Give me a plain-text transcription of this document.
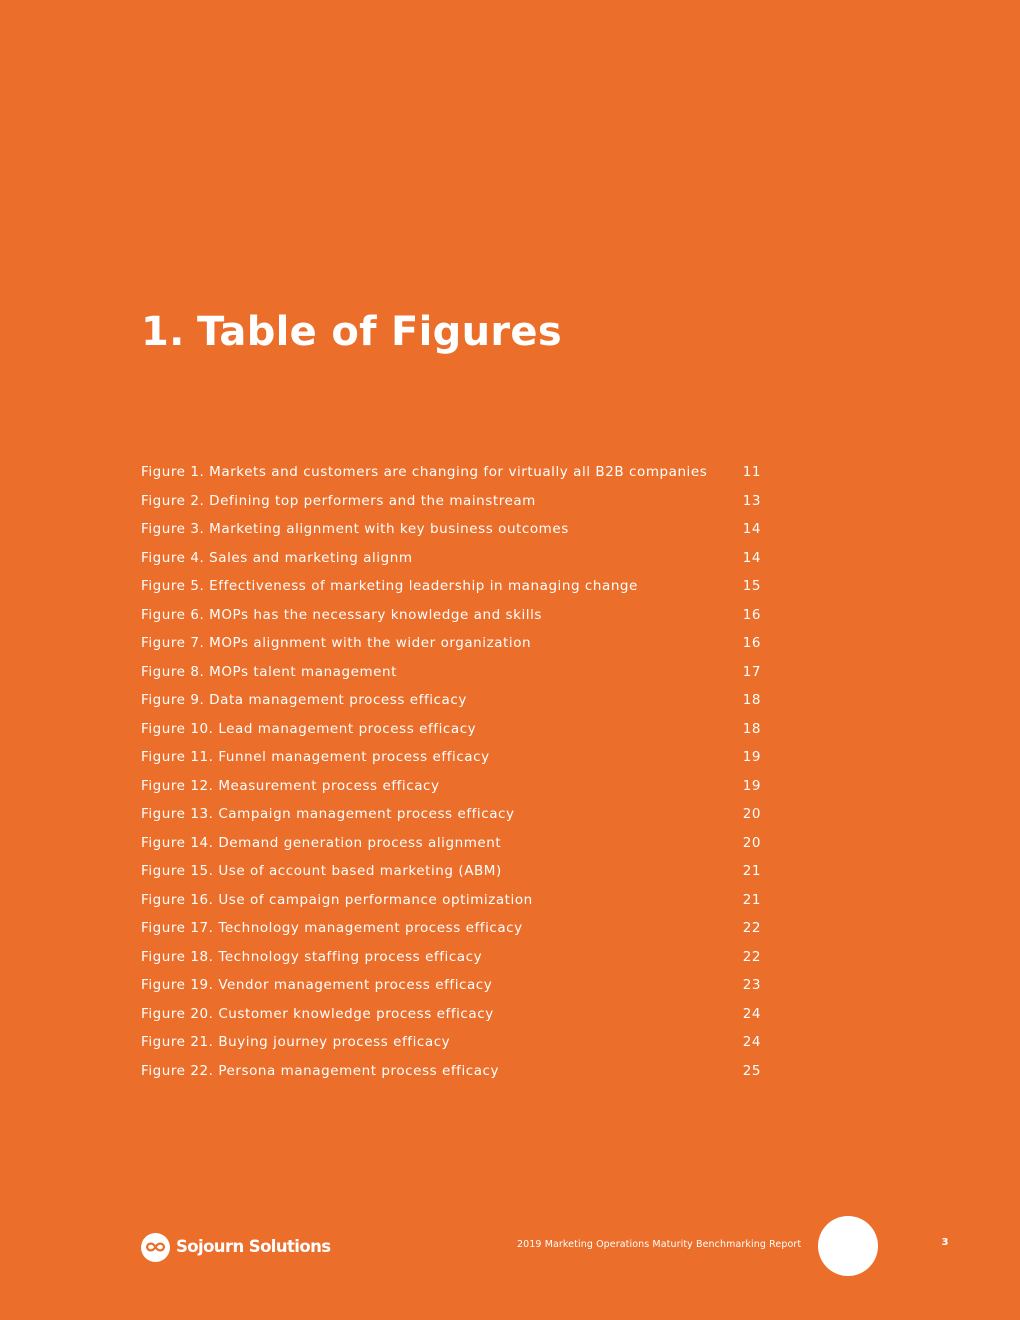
1. Table of Figures
Figure 1. Markets and customers are changing for virtually all B2B companies	11
Figure 2. Defining top performers and the mainstream	13
Figure 3. Marketing alignment with key business outcomes	14
Figure 4. Sales and marketing alignm	14
Figure 5. Effectiveness of marketing leadership in managing change	15
Figure 6. MOPs has the necessary knowledge and skills	16
Figure 7. MOPs alignment with the wider organization	16
Figure 8. MOPs talent management	17
Figure 9. Data management process efficacy	18
Figure 10. Lead management process efficacy	18
Figure 11. Funnel management process efficacy	19
Figure 12. Measurement process efficacy	19
Figure 13. Campaign management process efficacy	20
Figure 14. Demand generation process alignment	20
Figure 15. Use of account based marketing (ABM)	21
Figure 16. Use of campaign performance optimization	21
Figure 17. Technology management process efficacy	22
Figure 18. Technology staffing process efficacy	22
Figure 19. Vendor management process efficacy	23
Figure 20. Customer knowledge process efficacy	24
Figure 21. Buying journey process efficacy	24
Figure 22. Persona management process efficacy	25
Sojourn Solutions	2019 Marketing Operations Maturity Benchmarking Report	3
